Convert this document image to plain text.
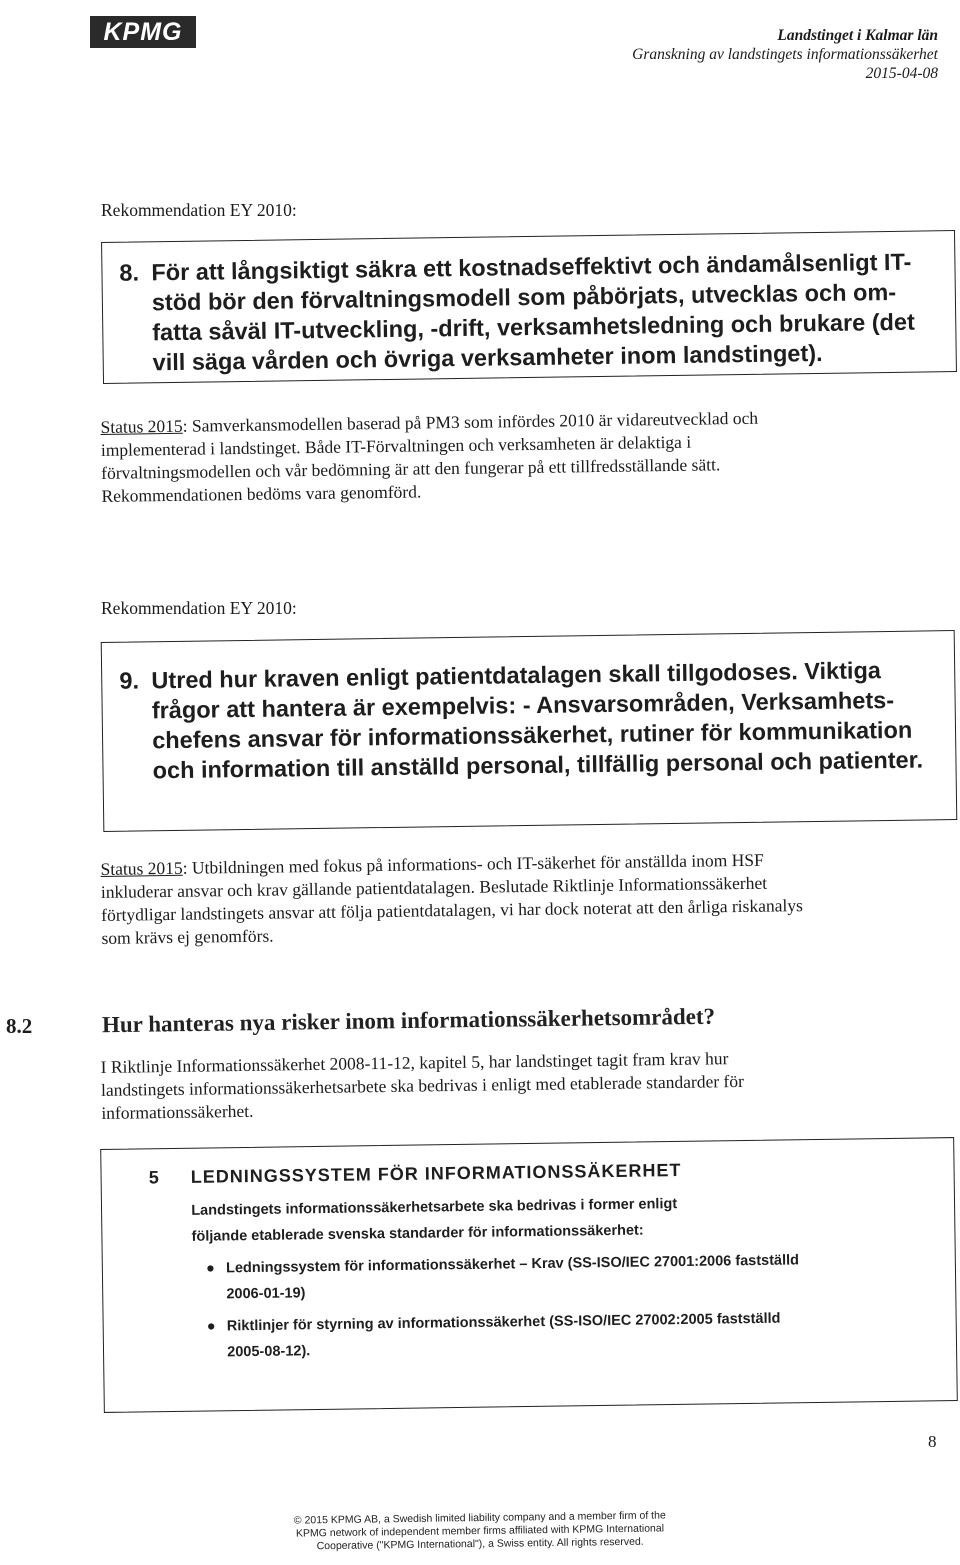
KPMG	Landstinget i Kalmar län
Granskning av landstingets informationssäkerhet
2015-04-08
Rekommendation EY 2010:
8. För att långsiktigt säkra ett kostnadseffektivt och ändamålsenligt IT-
stöd bör den förvaltningsmodell som påbörjats, utvecklas och om-
fatta såväl IT-utveckling, -drift, verksamhetsledning och brukare (det
vill säga vården och övriga verksamheter inom landstinget).
Status 2015: Samverkansmodellen baserad på PM3 som infördes 2010 är vidareutvecklad och
implementerad i landstinget. Både IT-Förvaltningen och verksamheten är delaktiga i
förvaltningsmodellen och vår bedömning är att den fungerar på ett tillfredsställande sätt.
Rekommendationen bedöms vara genomförd.
Rekommendation EY 2010:
9. Utred hur kraven enligt patientdatalagen skall tillgodoses. Viktiga
frågor att hantera är exempelvis: - Ansvarsområden, Verksamhets-
chefens ansvar för informationssäkerhet, rutiner för kommunikation
och information till anställd personal, tillfällig personal och patienter.
Status 2015: Utbildningen med fokus på informations- och IT-säkerhet för anställda inom HSF
inkluderar ansvar och krav gällande patientdatalagen. Beslutade Riktlinje Informationssäkerhet
förtydligar landstingets ansvar att följa patientdatalagen, vi har dock noterat att den årliga riskanalys
som krävs ej genomförs.
8.2	Hur hanteras nya risker inom informationssäkerhetsområdet?
I Riktlinje Informationssäkerhet 2008-11-12, kapitel 5, har landstinget tagit fram krav hur
landstingets informationssäkerhetsarbete ska bedrivas i enligt med etablerade standarder för
informationssäkerhet.
5 LEDNINGSSYSTEM FÖR INFORMATIONSSÄKERHET
Landstingets informationssäkerhetsarbete ska bedrivas i former enligt
följande etablerade svenska standarder för informationssäkerhet:
● Ledningssystem för informationssäkerhet – Krav (SS-ISO/IEC 27001:2006 fastställd
2006-01-19)
● Riktlinjer för styrning av informationssäkerhet (SS-ISO/IEC 27002:2005 fastställd
2005-08-12).
8
© 2015 KPMG AB, a Swedish limited liability company and a member firm of the
KPMG network of independent member firms affiliated with KPMG International
Cooperative ("KPMG International"), a Swiss entity. All rights reserved.
